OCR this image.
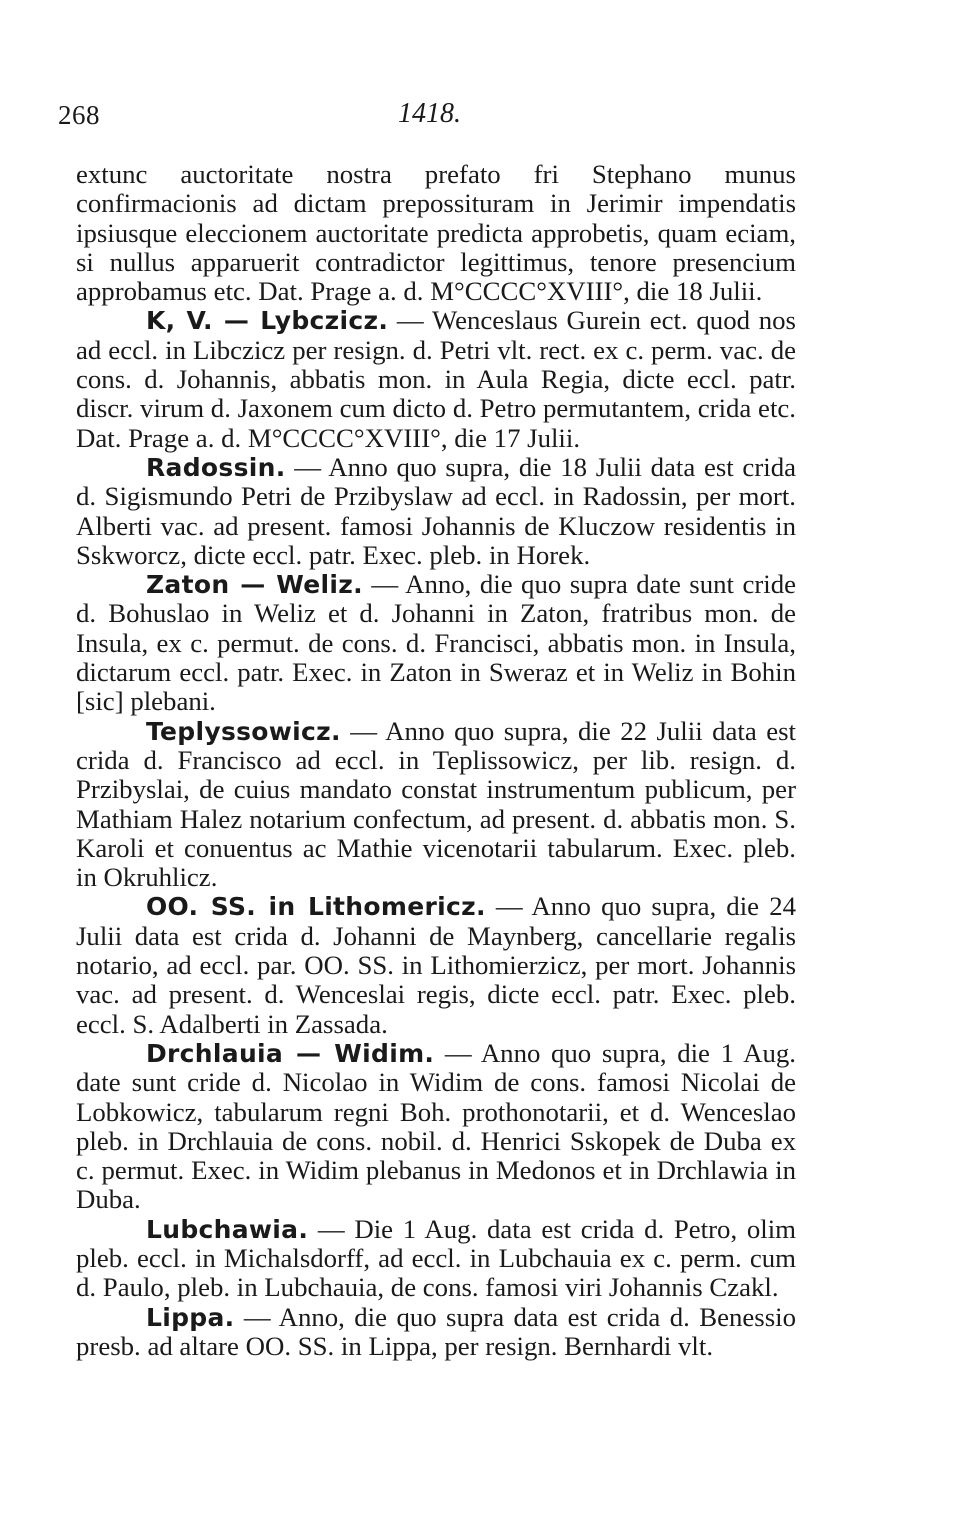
268	1418.

extunc auctoritate nostra prefato fri Stephano munus confirmacionis ad dictam prepossituram in Jerimir impendatis ipsiusque eleccionem auctoritate predicta approbetis, quam eciam, si nullus apparuerit contradictor legittimus, tenore presencium approbamus etc. Dat. Prage a. d. M°CCCC°XVIII°, die 18 Julii.

K, V. — Lybczicz. — Wenceslaus Gurein ect. quod nos ad eccl. in Libczicz per resign. d. Petri vlt. rect. ex c. perm. vac. de cons. d. Johannis, abbatis mon. in Aula Regia, dicte eccl. patr. discr. virum d. Jaxonem cum dicto d. Petro permutantem, crida etc. Dat. Prage a. d. M°CCCC°XVIII°, die 17 Julii.

Radossin. — Anno quo supra, die 18 Julii data est crida d. Sigismundo Petri de Przibyslaw ad eccl. in Radossin, per mort. Alberti vac. ad present. famosi Johannis de Kluczow residentis in Sskworcz, dicte eccl. patr. Exec. pleb. in Horek.

Zaton — Weliz. — Anno, die quo supra date sunt cride d. Bohuslao in Weliz et d. Johanni in Zaton, fratribus mon. de Insula, ex c. permut. de cons. d. Francisci, abbatis mon. in Insula, dictarum eccl. patr. Exec. in Zaton in Sweraz et in Weliz in Bohin [sic] plebani.

Teplyssowicz. — Anno quo supra, die 22 Julii data est crida d. Francisco ad eccl. in Teplissowicz, per lib. resign. d. Przibyslai, de cuius mandato constat instrumentum publicum, per Mathiam Halez notarium confectum, ad present. d. abbatis mon. S. Karoli et conuentus ac Mathie vicenotarii tabularum. Exec. pleb. in Okruhlicz.

OO. SS. in Lithomericz. — Anno quo supra, die 24 Julii data est crida d. Johanni de Maynberg, cancellarie regalis notario, ad eccl. par. OO. SS. in Lithomierzicz, per mort. Johannis vac. ad present. d. Wenceslai regis, dicte eccl. patr. Exec. pleb. eccl. S. Adalberti in Zassada.

Drchlauia — Widim. — Anno quo supra, die 1 Aug. date sunt cride d. Nicolao in Widim de cons. famosi Nicolai de Lobkowicz, tabularum regni Boh. prothonotarii, et d. Wenceslao pleb. in Drchlauia de cons. nobil. d. Henrici Sskopek de Duba ex c. permut. Exec. in Widim plebanus in Medonos et in Drchlawia in Duba.

Lubchawia. — Die 1 Aug. data est crida d. Petro, olim pleb. eccl. in Michalsdorff, ad eccl. in Lubchauia ex c. perm. cum d. Paulo, pleb. in Lubchauia, de cons. famosi viri Johannis Czakl.

Lippa. — Anno, die quo supra data est crida d. Benessio presb. ad altare OO. SS. in Lippa, per resign. Bernhardi vlt.
